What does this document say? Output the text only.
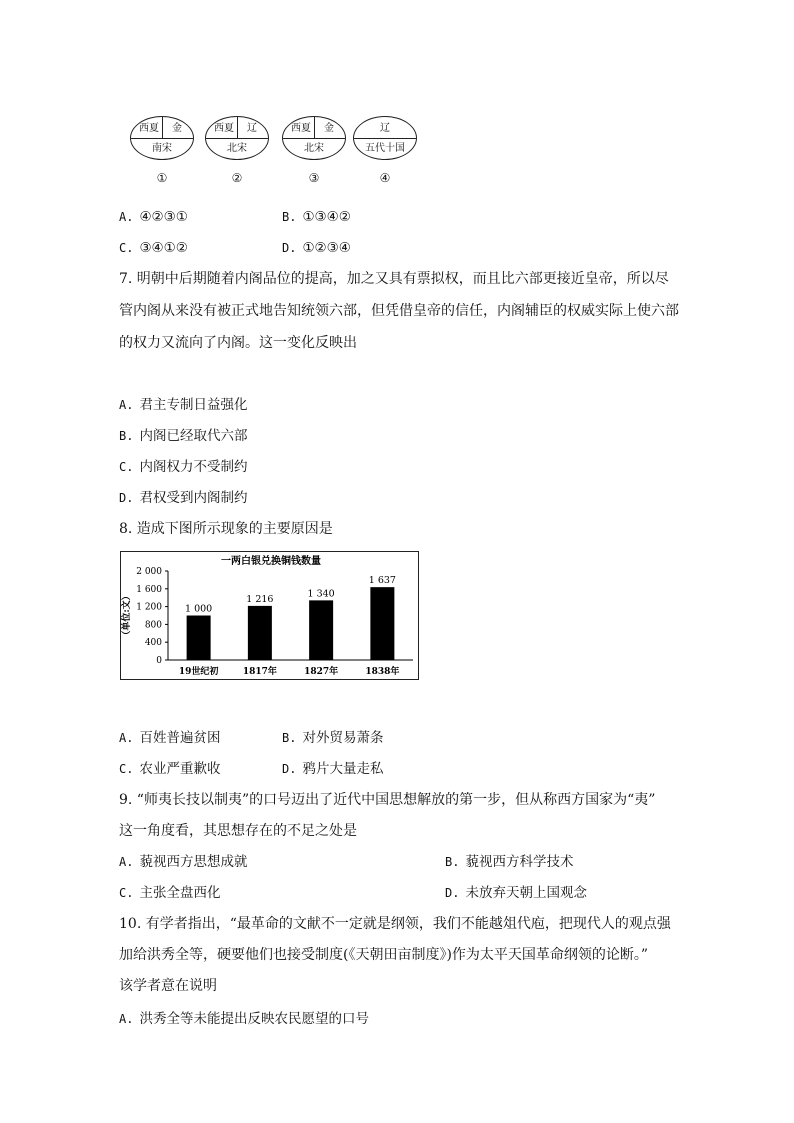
西夏	金
南宋
①
西夏	辽
北宋
②
西夏	金
北宋
③
辽
五代十国
④
A. ④②③①	B. ①③④②
C. ③④①②	D. ①②③④
7. 明朝中后期随着内阁品位的提高，加之又具有票拟权，而且比六部更接近皇帝，所以尽
管内阁从来没有被正式地告知统领六部，但凭借皇帝的信任，内阁辅臣的权威实际上使六部
的权力又流向了内阁。这一变化反映出
A. 君主专制日益强化
B. 内阁已经取代六部
C. 内阁权力不受制约
D. 君权受到内阁制约
8. 造成下图所示现象的主要原因是
一两白银兑换铜钱数量
0
400
800
1 200
1 600
2 000
（单位:文）	1 000
19世纪初
1 216
1817年
1 340
1827年
1 637
1838年
A. 百姓普遍贫困	B. 对外贸易萧条
C. 农业严重歉收	D. 鸦片大量走私
9. “师夷长技以制夷”的口号迈出了近代中国思想解放的第一步，但从称西方国家为“夷”
这一角度看，其思想存在的不足之处是
A. 藐视西方思想成就	B. 藐视西方科学技术
C. 主张全盘西化	D. 未放弃天朝上国观念
10. 有学者指出，“最革命的文献不一定就是纲领，我们不能越俎代庖，把现代人的观点强
加给洪秀全等，硬要他们也接受制度(《天朝田亩制度》)作为太平天国革命纲领的论断。”
该学者意在说明
A. 洪秀全等未能提出反映农民愿望的口号
